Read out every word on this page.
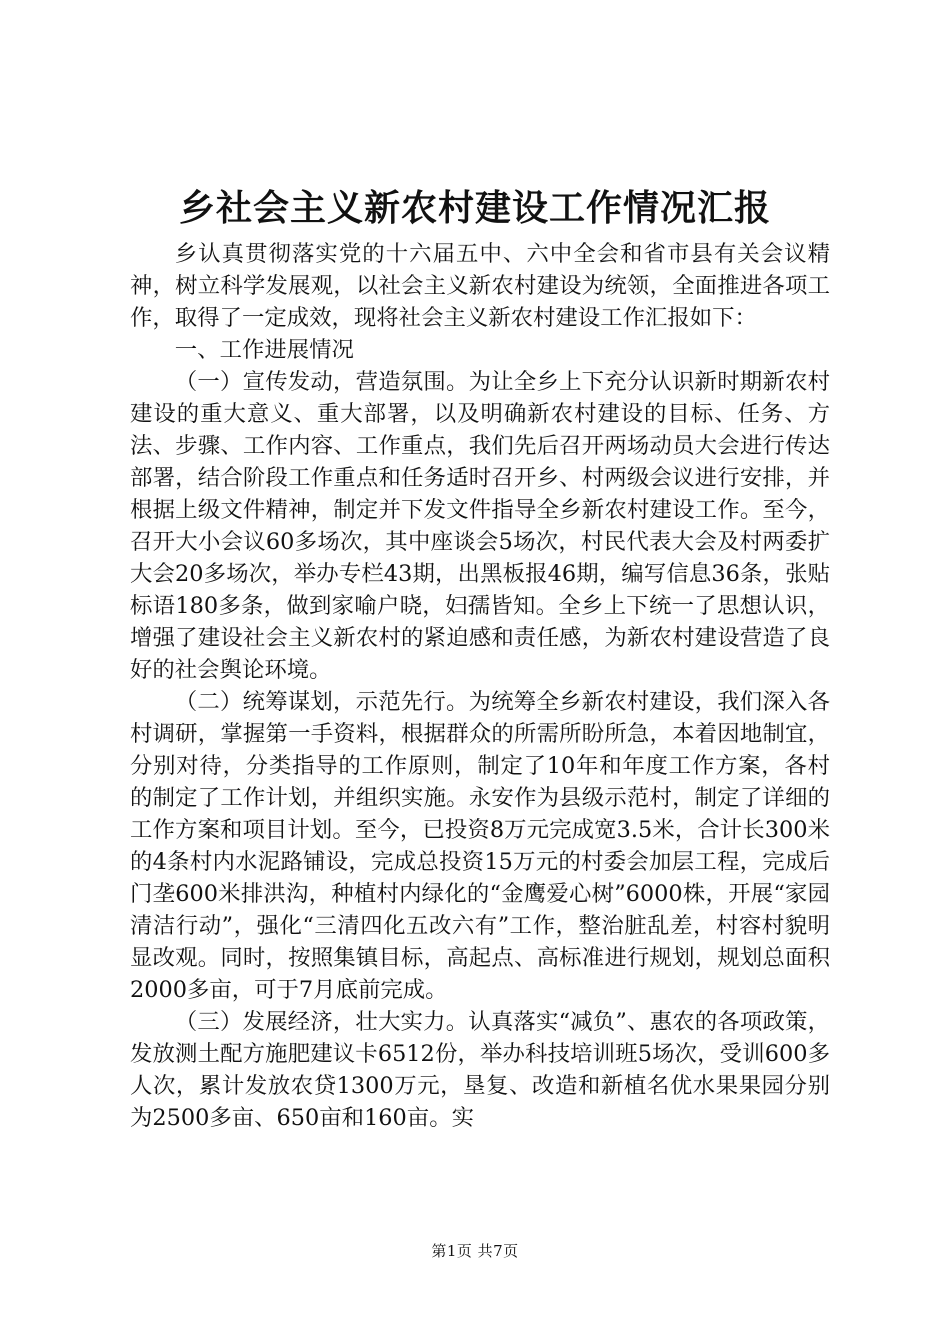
乡社会主义新农村建设工作情况汇报

乡认真贯彻落实党的十六届五中、六中全会和省市县有关会议精神，树立科学发展观，以社会主义新农村建设为统领，全面推进各项工作，取得了一定成效，现将社会主义新农村建设工作汇报如下：

一、工作进展情况

（一）宣传发动，营造氛围。为让全乡上下充分认识新时期新农村建设的重大意义、重大部署，以及明确新农村建设的目标、任务、方法、步骤、工作内容、工作重点，我们先后召开两场动员大会进行传达部署，结合阶段工作重点和任务适时召开乡、村两级会议进行安排，并根据上级文件精神，制定并下发文件指导全乡新农村建设工作。至今，召开大小会议60多场次，其中座谈会5场次，村民代表大会及村两委扩大会20多场次，举办专栏43期，出黑板报46期，编写信息36条，张贴标语180多条，做到家喻户晓，妇孺皆知。全乡上下统一了思想认识，增强了建设社会主义新农村的紧迫感和责任感，为新农村建设营造了良好的社会舆论环境。

（二）统筹谋划，示范先行。为统筹全乡新农村建设，我们深入各村调研，掌握第一手资料，根据群众的所需所盼所急，本着因地制宜，分别对待，分类指导的工作原则，制定了10年和年度工作方案，各村的制定了工作计划，并组织实施。永安作为县级示范村，制定了详细的工作方案和项目计划。至今，已投资8万元完成宽3.5米，合计长300米的4条村内水泥路铺设，完成总投资15万元的村委会加层工程，完成后门垄600米排洪沟，种植村内绿化的“金鹰爱心树”6000株，开展“家园清洁行动”，强化“三清四化五改六有”工作，整治脏乱差，村容村貌明显改观。同时，按照集镇目标，高起点、高标准进行规划，规划总面积2000多亩，可于7月底前完成。

（三）发展经济，壮大实力。认真落实“减负”、惠农的各项政策，发放测土配方施肥建议卡6512份，举办科技培训班5场次，受训600多人次，累计发放农贷1300万元，垦复、改造和新植名优水果果园分别为2500多亩、650亩和160亩。实

第1页 共7页
